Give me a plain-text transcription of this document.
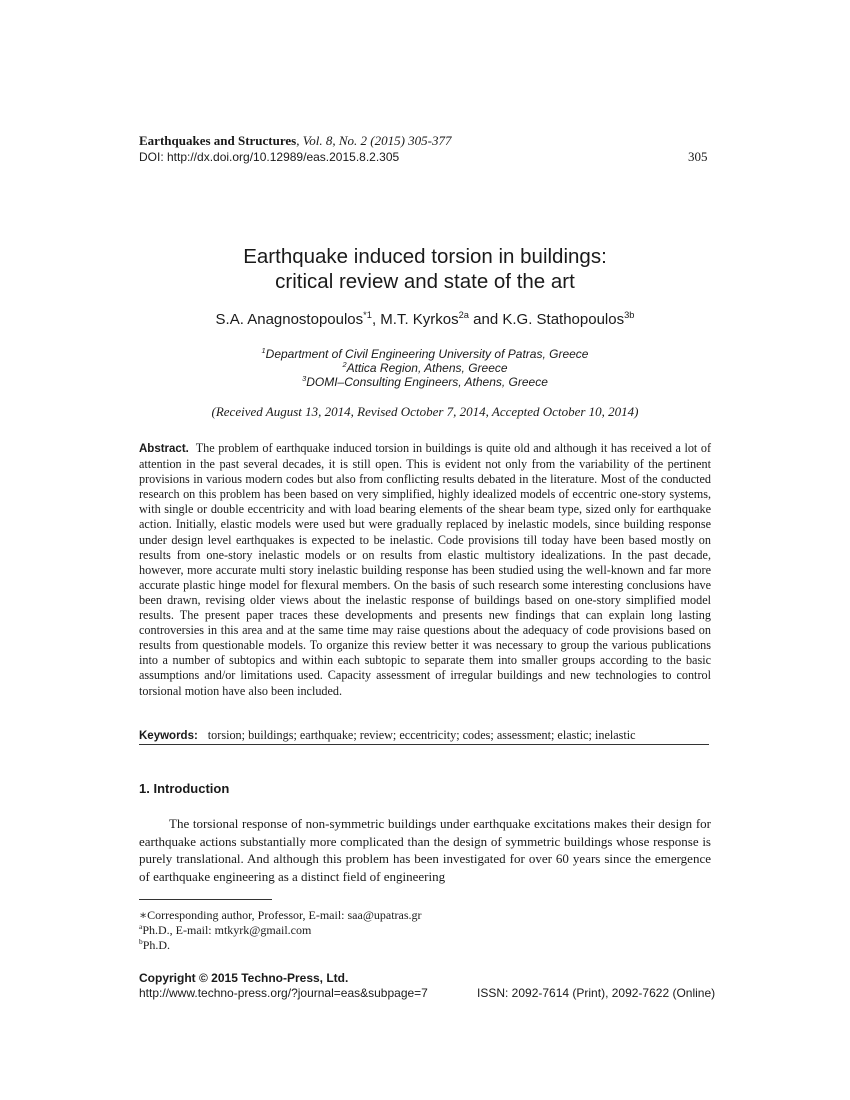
Earthquakes and Structures, Vol. 8, No. 2 (2015) 305-377
DOI: http://dx.doi.org/10.12989/eas.2015.8.2.305	305
Earthquake induced torsion in buildings:
critical review and state of the art
S.A. Anagnostopoulos$^{*1}$, M.T. Kyrkos$^{2a}$ and K.G. Stathopoulos$^{3b}$
$^1$Department of Civil Engineering University of Patras, Greece
$^2$Attica Region, Athens, Greece
$^3$DOMI–Consulting Engineers, Athens, Greece
(Received August 13, 2014, Revised October 7, 2014, Accepted October 10, 2014)
Abstract. The problem of earthquake induced torsion in buildings is quite old and although it has received a lot of attention in the past several decades, it is still open. This is evident not only from the variability of the pertinent provisions in various modern codes but also from conflicting results debated in the literature. Most of the conducted research on this problem has been based on very simplified, highly idealized models of eccentric one-story systems, with single or double eccentricity and with load bearing elements of the shear beam type, sized only for earthquake action. Initially, elastic models were used but were gradually replaced by inelastic models, since building response under design level earthquakes is expected to be inelastic. Code provisions till today have been based mostly on results from one-story inelastic models or on results from elastic multistory idealizations. In the past decade, however, more accurate multi story inelastic building response has been studied using the well-known and far more accurate plastic hinge model for flexural members. On the basis of such research some interesting conclusions have been drawn, revising older views about the inelastic response of buildings based on one-story simplified model results. The present paper traces these developments and presents new findings that can explain long lasting controversies in this area and at the same time may raise questions about the adequacy of code provisions based on results from questionable models. To organize this review better it was necessary to group the various publications into a number of subtopics and within each subtopic to separate them into smaller groups according to the basic assumptions and/or limitations used. Capacity assessment of irregular buildings and new technologies to control torsional motion have also been included.
Keywords: torsion; buildings; earthquake; review; eccentricity; codes; assessment; elastic; inelastic
1. Introduction
The torsional response of non-symmetric buildings under earthquake excitations makes their design for earthquake actions substantially more complicated than the design of symmetric buildings whose response is purely translational. And although this problem has been investigated for over 60 years since the emergence of earthquake engineering as a distinct field of engineering
∗Corresponding author, Professor, E-mail: saa@upatras.gr
$^a$Ph.D., E-mail: mtkyrk@gmail.com
$^b$Ph.D.
Copyright © 2015 Techno-Press, Ltd.
http://www.techno-press.org/?journal=eas&subpage=7	ISSN: 2092-7614 (Print), 2092-7622 (Online)
